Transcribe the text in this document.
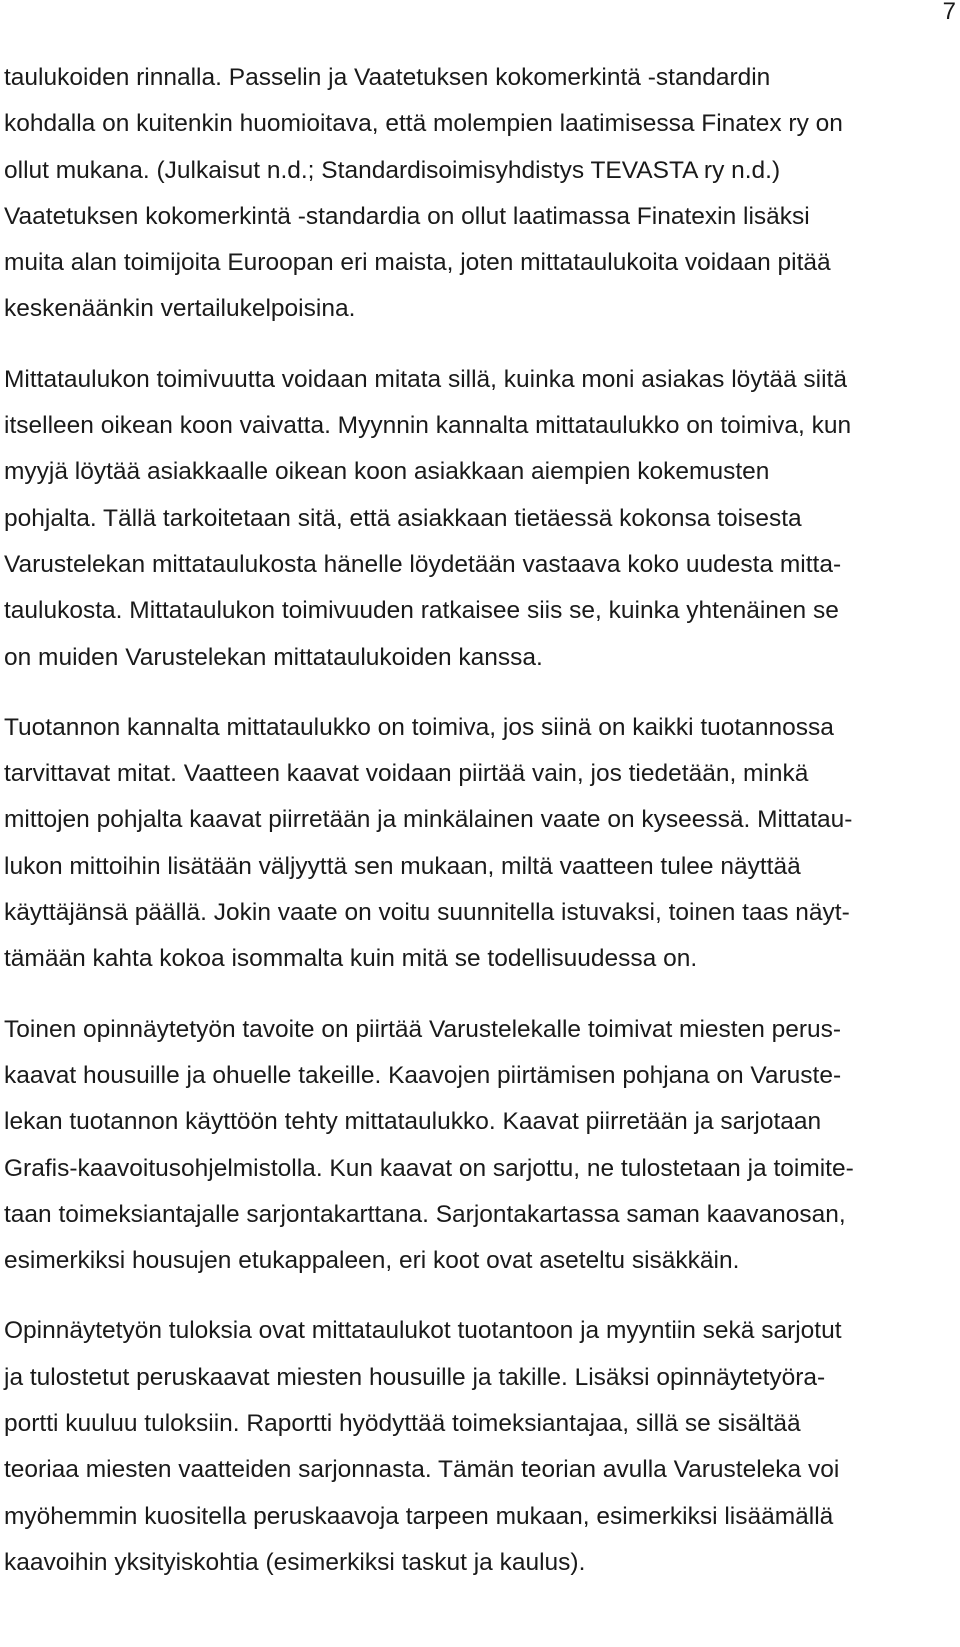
7
taulukoiden rinnalla. Passelin ja Vaatetuksen kokomerkintä -standardin
kohdalla on kuitenkin huomioitava, että molempien laatimisessa Finatex ry on
ollut mukana. (Julkaisut n.d.; Standardisoimisyhdistys TEVASTA ry n.d.)
Vaatetuksen kokomerkintä -standardia on ollut laatimassa Finatexin lisäksi
muita alan toimijoita Euroopan eri maista, joten mittataulukoita voidaan pitää
keskenäänkin vertailukelpoisina.
Mittataulukon toimivuutta voidaan mitata sillä, kuinka moni asiakas löytää siitä
itselleen oikean koon vaivatta. Myynnin kannalta mittataulukko on toimiva, kun
myyjä löytää asiakkaalle oikean koon asiakkaan aiempien kokemusten
pohjalta. Tällä tarkoitetaan sitä, että asiakkaan tietäessä kokonsa toisesta
Varustelekan mittataulukosta hänelle löydetään vastaava koko uudesta mitta-
taulukosta. Mittataulukon toimivuuden ratkaisee siis se, kuinka yhtenäinen se
on muiden Varustelekan mittataulukoiden kanssa.
Tuotannon kannalta mittataulukko on toimiva, jos siinä on kaikki tuotannossa
tarvittavat mitat. Vaatteen kaavat voidaan piirtää vain, jos tiedetään, minkä
mittojen pohjalta kaavat piirretään ja minkälainen vaate on kyseessä. Mittatau-
lukon mittoihin lisätään väljyyttä sen mukaan, miltä vaatteen tulee näyttää
käyttäjänsä päällä. Jokin vaate on voitu suunnitella istuvaksi, toinen taas näyt-
tämään kahta kokoa isommalta kuin mitä se todellisuudessa on.
Toinen opinnäytetyön tavoite on piirtää Varustelekalle toimivat miesten perus-
kaavat housuille ja ohuelle takeille. Kaavojen piirtämisen pohjana on Varuste-
lekan tuotannon käyttöön tehty mittataulukko. Kaavat piirretään ja sarjotaan
Grafis-kaavoitusohjelmistolla. Kun kaavat on sarjottu, ne tulostetaan ja toimite-
taan toimeksiantajalle sarjontakarttana. Sarjontakartassa saman kaavanosan,
esimerkiksi housujen etukappaleen, eri koot ovat aseteltu sisäkkäin.
Opinnäytetyön tuloksia ovat mittataulukot tuotantoon ja myyntiin sekä sarjotut
ja tulostetut peruskaavat miesten housuille ja takille. Lisäksi opinnäytetyöra-
portti kuuluu tuloksiin. Raportti hyödyttää toimeksiantajaa, sillä se sisältää
teoriaa miesten vaatteiden sarjonnasta. Tämän teorian avulla Varusteleka voi
myöhemmin kuositella peruskaavoja tarpeen mukaan, esimerkiksi lisäämällä
kaavoihin yksityiskohtia (esimerkiksi taskut ja kaulus).
